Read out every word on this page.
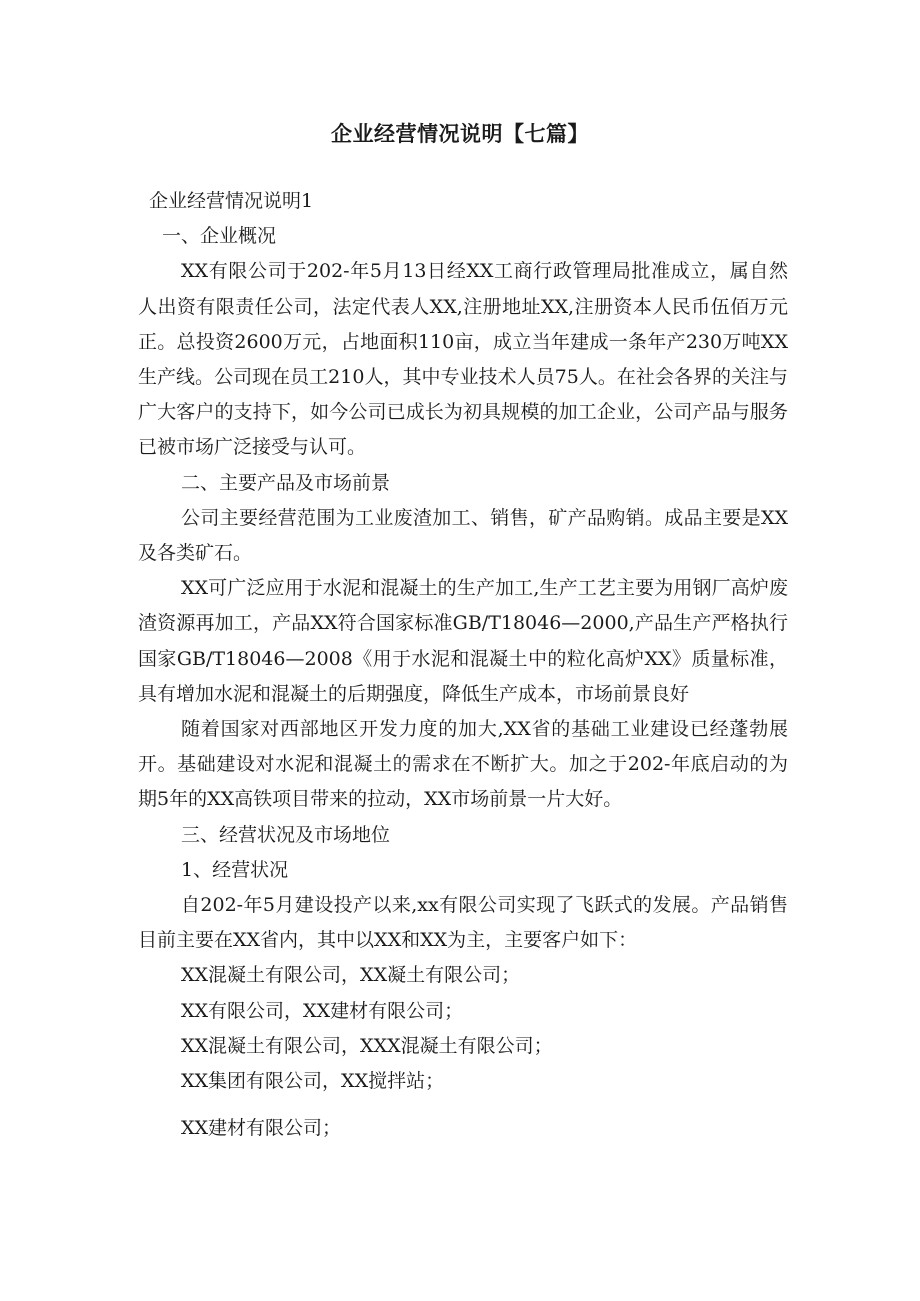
企业经营情况说明【七篇】

企业经营情况说明1

一、企业概况

XX有限公司于202-年5月13日经XX工商行政管理局批准成立，属自然人出资有限责任公司，法定代表人XX,注册地址XX,注册资本人民币伍佰万元正。总投资2600万元，占地面积110亩，成立当年建成一条年产230万吨XX生产线。公司现在员工210人，其中专业技术人员75人。在社会各界的关注与广大客户的支持下，如今公司已成长为初具规模的加工企业，公司产品与服务已被市场广泛接受与认可。

二、主要产品及市场前景

公司主要经营范围为工业废渣加工、销售，矿产品购销。成品主要是XX及各类矿石。

XX可广泛应用于水泥和混凝土的生产加工,生产工艺主要为用钢厂高炉废渣资源再加工，产品XX符合国家标准GB/T18046—2000,产品生产严格执行国家GB/T18046—2008《用于水泥和混凝土中的粒化高炉XX》质量标准，具有增加水泥和混凝土的后期强度，降低生产成本，市场前景良好

随着国家对西部地区开发力度的加大,XX省的基础工业建设已经蓬勃展开。基础建设对水泥和混凝土的需求在不断扩大。加之于202-年底启动的为期5年的XX高铁项目带来的拉动，XX市场前景一片大好。

三、经营状况及市场地位

1、经营状况

自202-年5月建设投产以来,xx有限公司实现了飞跃式的发展。产品销售目前主要在XX省内，其中以XX和XX为主，主要客户如下：

XX混凝土有限公司，XX凝土有限公司；

XX有限公司，XX建材有限公司；

XX混凝土有限公司，XXX混凝土有限公司；

XX集团有限公司，XX搅拌站；

XX建材有限公司；
